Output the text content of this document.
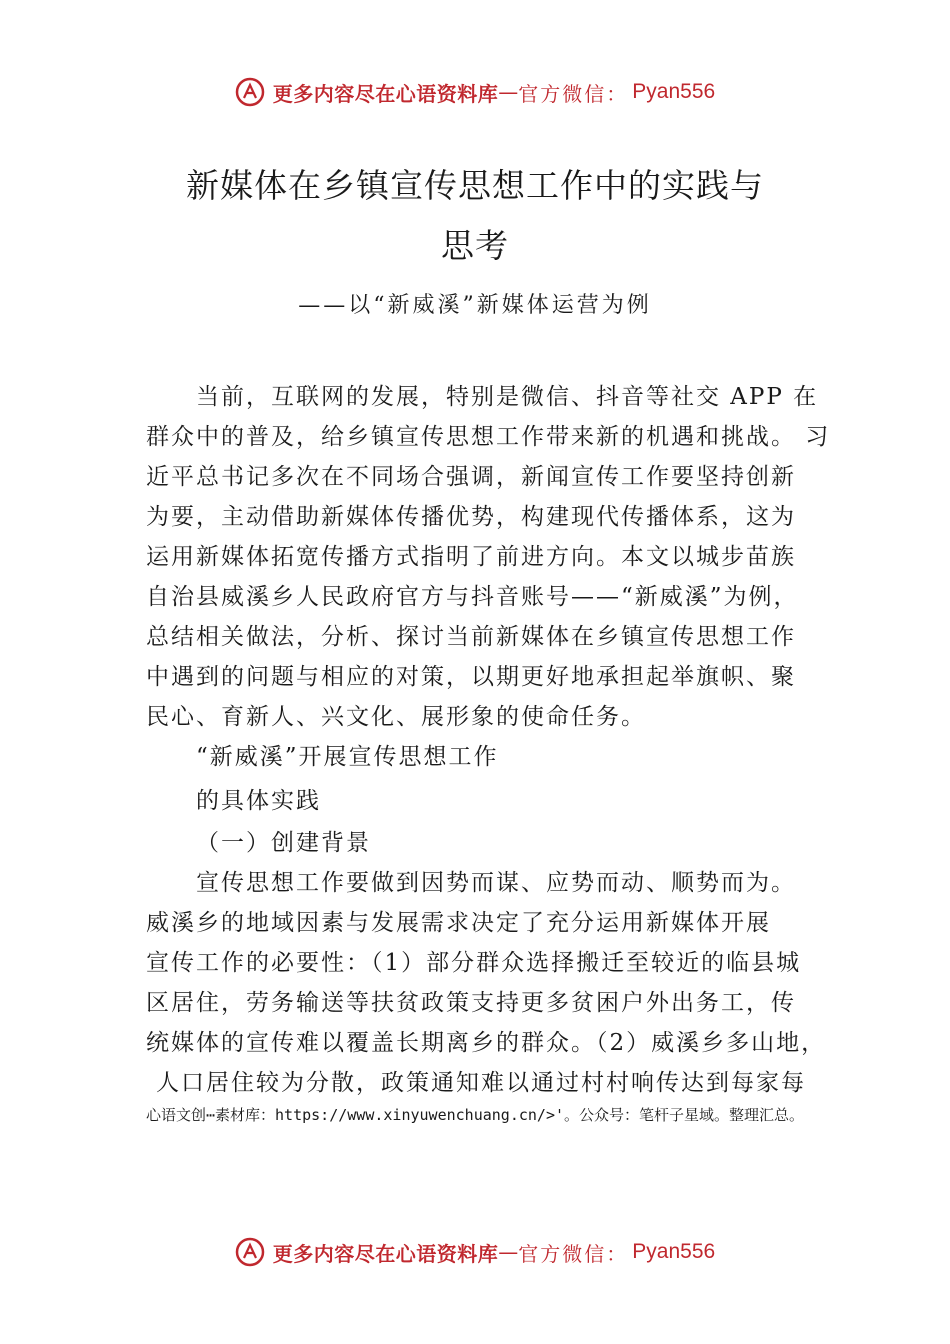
更多内容尽在心语资料库 — 官方微信： Pyan556
新媒体在乡镇宣传思想工作中的实践与
思考
——以“新威溪”新媒体运营为例
当前，互联网的发展，特别是微信、抖音等社交 APP 在
群众中的普及，给乡镇宣传思想工作带来新的机遇和挑战。 习
近平总书记多次在不同场合强调，新闻宣传工作要坚持创新
为要，主动借助新媒体传播优势，构建现代传播体系，这为
运用新媒体拓宽传播方式指明了前进方向。本文以城步苗族
自治县威溪乡人民政府官方与抖音账号——“新威溪”为例，
总结相关做法，分析、探讨当前新媒体在乡镇宣传思想工作
中遇到的问题与相应的对策，以期更好地承担起举旗帜、聚
民心、育新人、兴文化、展形象的使命任务。
“新威溪”开展宣传思想工作
的具体实践
（一）创建背景
宣传思想工作要做到因势而谋、应势而动、顺势而为。
威溪乡的地域因素与发展需求决定了充分运用新媒体开展
宣传工作的必要性：（1）部分群众选择搬迁至较近的临县城
区居住，劳务输送等扶贫政策支持更多贫困户外出务工，传
统媒体的宣传难以覆盖长期离乡的群众。（2）威溪乡多山地，
人口居住较为分散，政策通知难以通过村村响传达到每家每
心语文创⋯素材库：https://www.xinyuwenchuang.cn/>'。公众号：笔杆子星域。整理汇总。
更多内容尽在心语资料库 — 官方微信： Pyan556
